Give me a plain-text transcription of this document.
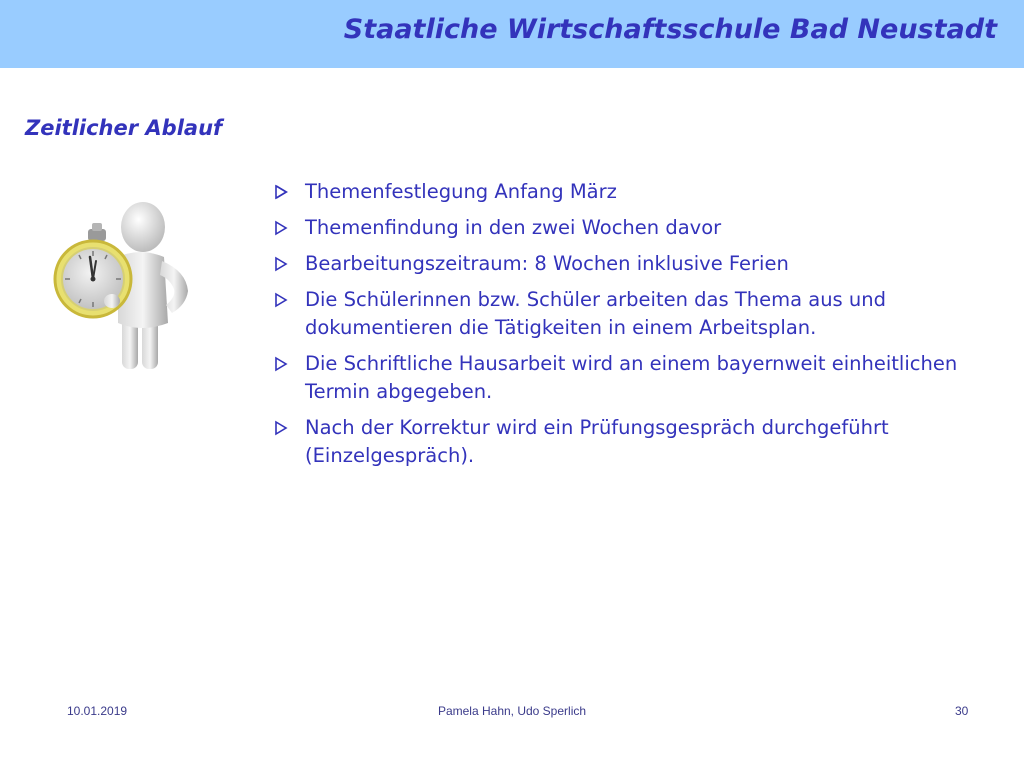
Staatliche Wirtschaftsschule Bad Neustadt
Zeitlicher Ablauf
Themenfestlegung Anfang März
Themenfindung in den zwei Wochen davor
Bearbeitungszeitraum: 8 Wochen inklusive Ferien
Die Schülerinnen bzw. Schüler arbeiten das Thema aus und dokumentieren die Tätigkeiten in einem Arbeitsplan.
Die Schriftliche Hausarbeit wird an einem bayernweit einheitlichen Termin abgegeben.
Nach der Korrektur wird ein Prüfungsgespräch durchgeführt (Einzelgespräch).
10.01.2019	Pamela Hahn, Udo Sperlich	30
